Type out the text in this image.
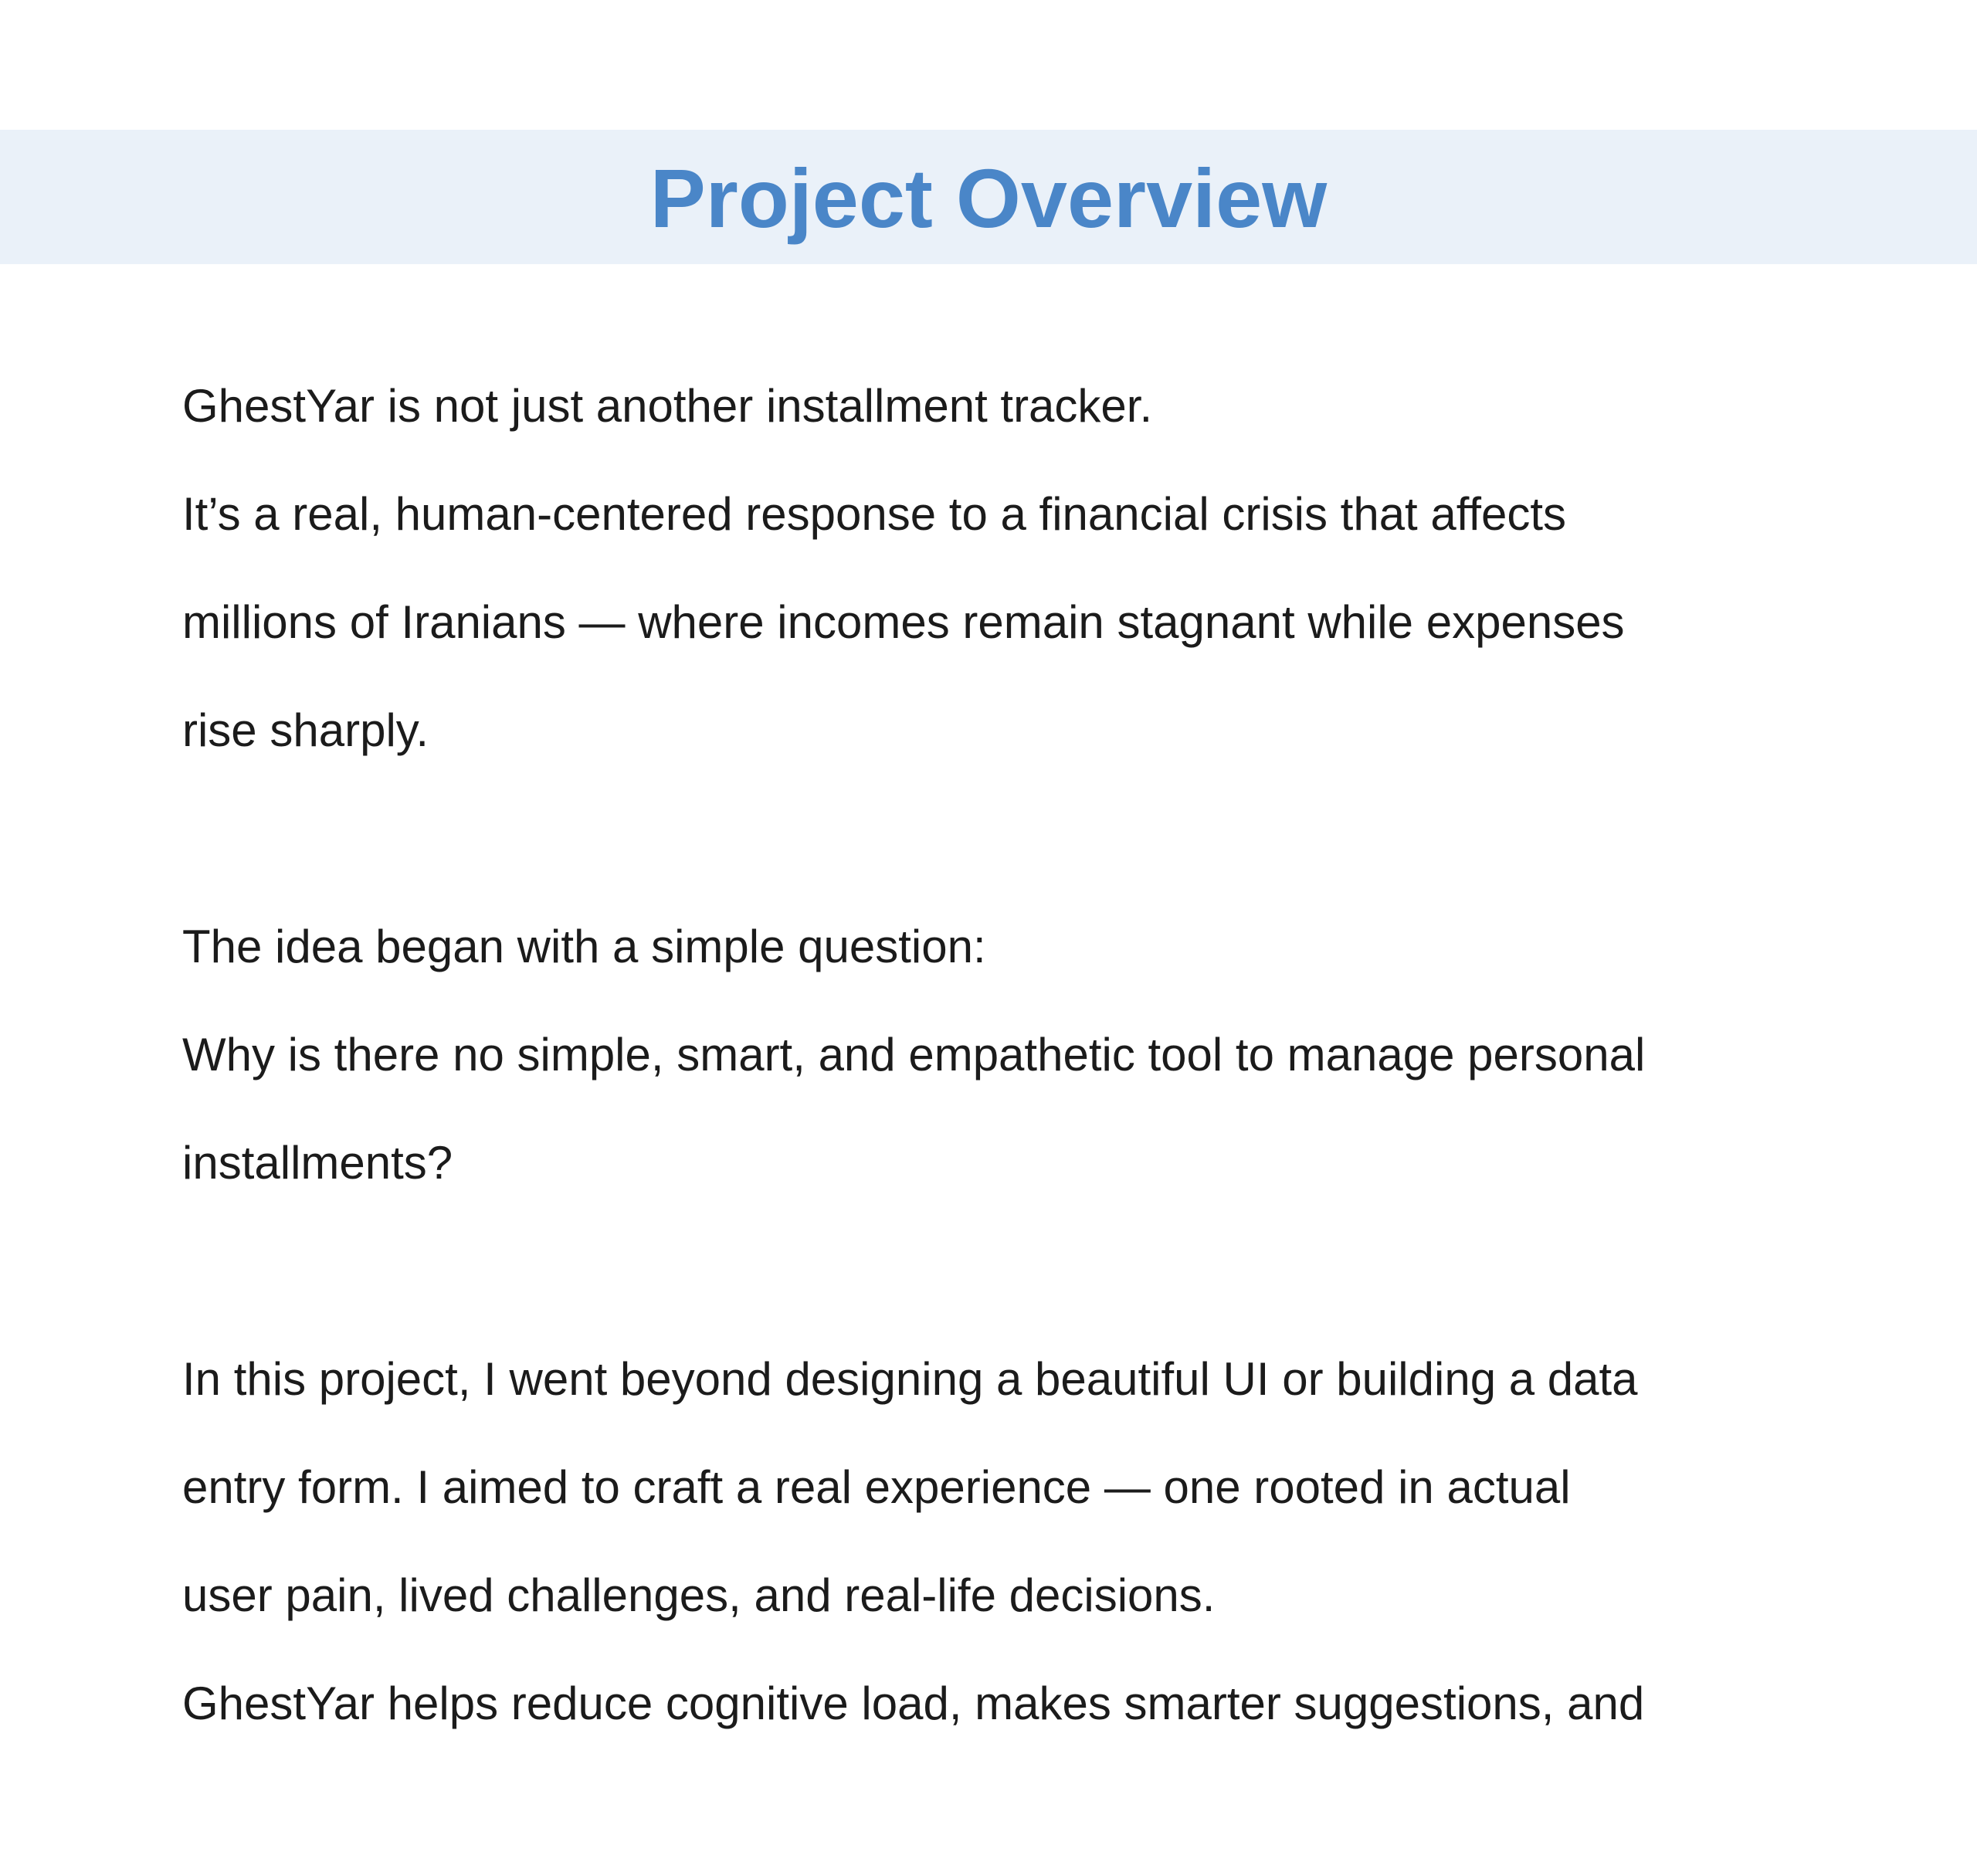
Project Overview
GhestYar is not just another installment tracker.
It’s a real, human-centered response to a financial crisis that affects
millions of Iranians — where incomes remain stagnant while expenses
rise sharply.
The idea began with a simple question:
Why is there no simple, smart, and empathetic tool to manage personal
installments?
In this project, I went beyond designing a beautiful UI or building a data
entry form. I aimed to craft a real experience — one rooted in actual
user pain, lived challenges, and real-life decisions.
GhestYar helps reduce cognitive load, makes smarter suggestions, and
